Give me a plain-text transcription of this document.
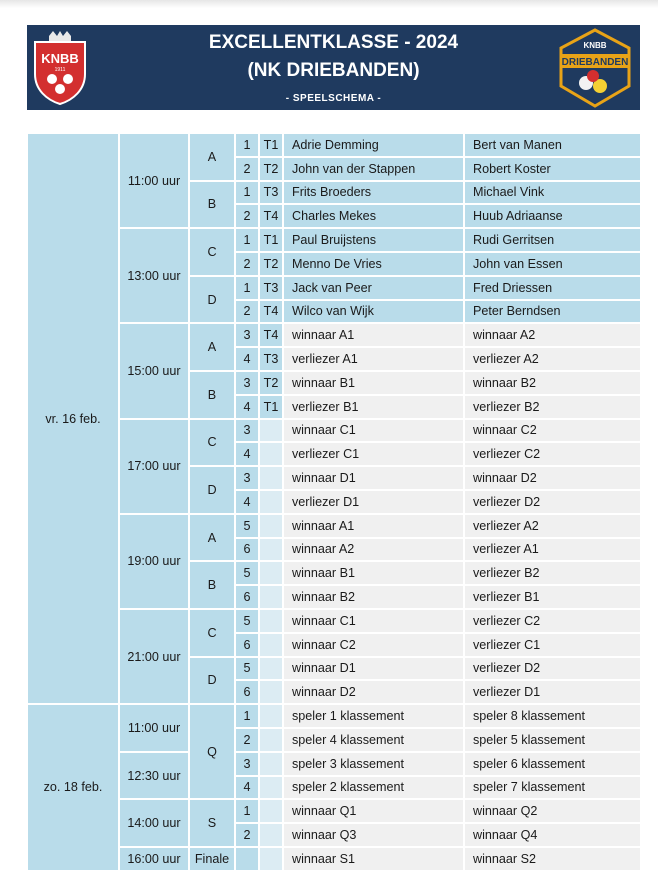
KNBB
1911
EXCELLENTKLASSE - 2024
(NK DRIEBANDEN)
- SPEELSCHEMA -
KNBB
DRIEBANDEN
vr. 16 feb.	11:00 uur	A	1	T1	Adrie Demming	Bert van Manen
			2	T2	John van der Stappen	Robert Koster
		B	1	T3	Frits Broeders	Michael Vink
			2	T4	Charles Mekes	Huub Adriaanse
	13:00 uur	C	1	T1	Paul Bruijstens	Rudi Gerritsen
			2	T2	Menno De Vries	John van Essen
		D	1	T3	Jack van Peer	Fred Driessen
			2	T4	Wilco van Wijk	Peter Berndsen
	15:00 uur	A	3	T4	winnaar A1	winnaar A2
			4	T3	verliezer A1	verliezer A2
		B	3	T2	winnaar B1	winnaar B2
			4	T1	verliezer B1	verliezer B2
	17:00 uur	C	3		winnaar C1	winnaar C2
			4		verliezer C1	verliezer C2
		D	3		winnaar D1	winnaar D2
			4		verliezer D1	verliezer D2
	19:00 uur	A	5		winnaar A1	verliezer A2
			6		winnaar A2	verliezer A1
		B	5		winnaar B1	verliezer B2
			6		winnaar B2	verliezer B1
	21:00 uur	C	5		winnaar C1	verliezer C2
			6		winnaar C2	verliezer C1
		D	5		winnaar D1	verliezer D2
			6		winnaar D2	verliezer D1
zo. 18 feb.	11:00 uur	Q	1		speler 1 klassement	speler 8 klassement
			2		speler 4 klassement	speler 5 klassement
	12:30 uur		3		speler 3 klassement	speler 6 klassement
			4		speler 2 klassement	speler 7 klassement
	14:00 uur	S	1		winnaar Q1	winnaar Q2
			2		winnaar Q3	winnaar Q4
	16:00 uur	Finale			winnaar S1	winnaar S2
